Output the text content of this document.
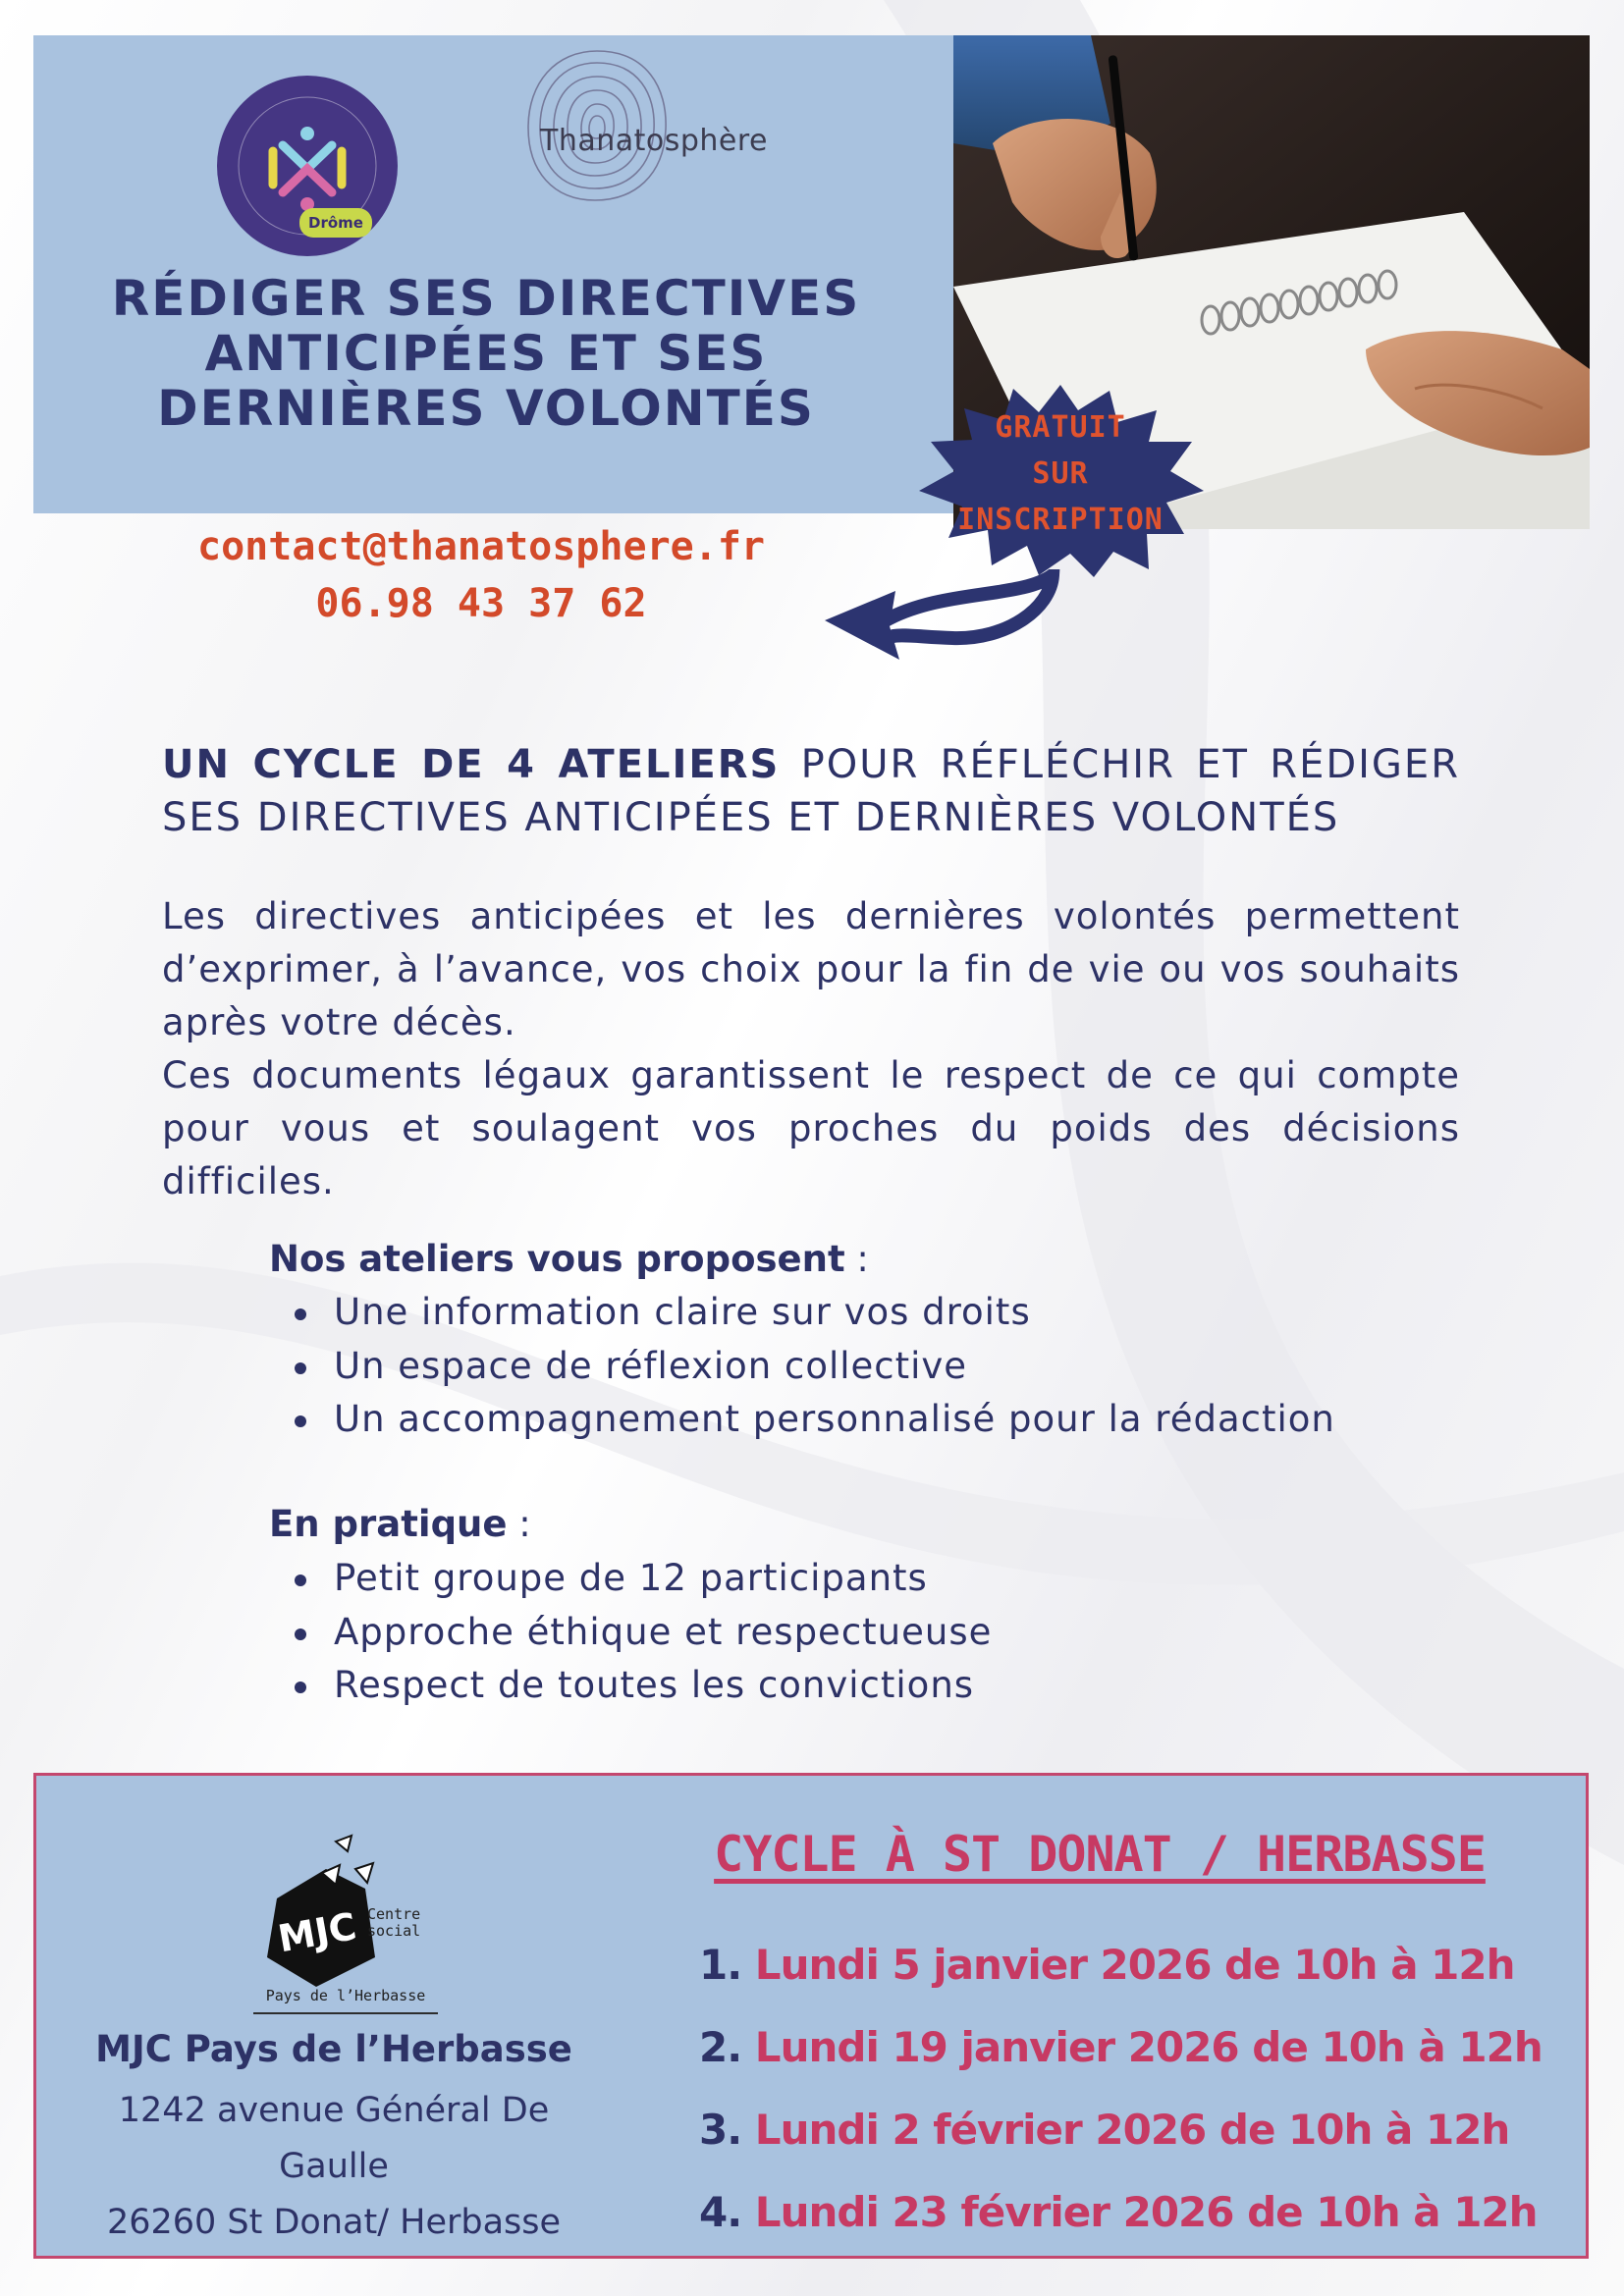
Drôme
Thanatosphère
RÉDIGER SES DIRECTIVES
ANTICIPÉES ET SES
DERNIÈRES VOLONTÉS	GRATUIT
SUR
INSCRIPTION
contact@thanatosphere.fr
06.98 43 37 62
UN CYCLE DE 4 ATELIERS POUR RÉFLÉCHIR ET RÉDIGER
SES DIRECTIVES ANTICIPÉES ET DERNIÈRES VOLONTÉS
Les directives anticipées et les dernières volontés permettent
d’exprimer, à l’avance, vos choix pour la fin de vie ou vos souhaits
après votre décès.
Ces documents légaux garantissent le respect de ce qui compte
pour vous et soulagent vos proches du poids des décisions
difficiles.
Nos ateliers vous proposent :
Une information claire sur vos droits
Un espace de réflexion collective
Un accompagnement personnalisé pour la rédaction
En pratique :
Petit groupe de 12 participants
Approche éthique et respectueuse
Respect de toutes les convictions
MJC Centre
social
Pays de l’Herbasse
MJC Pays de l’Herbasse
1242 avenue Général De Gaulle
26260 St Donat/ Herbasse
CYCLE À ST DONAT / HERBASSE
1. Lundi 5 janvier 2026 de 10h à 12h
2. Lundi 19 janvier 2026 de 10h à 12h
3. Lundi 2 février 2026 de 10h à 12h
4. Lundi 23 février 2026 de 10h à 12h
